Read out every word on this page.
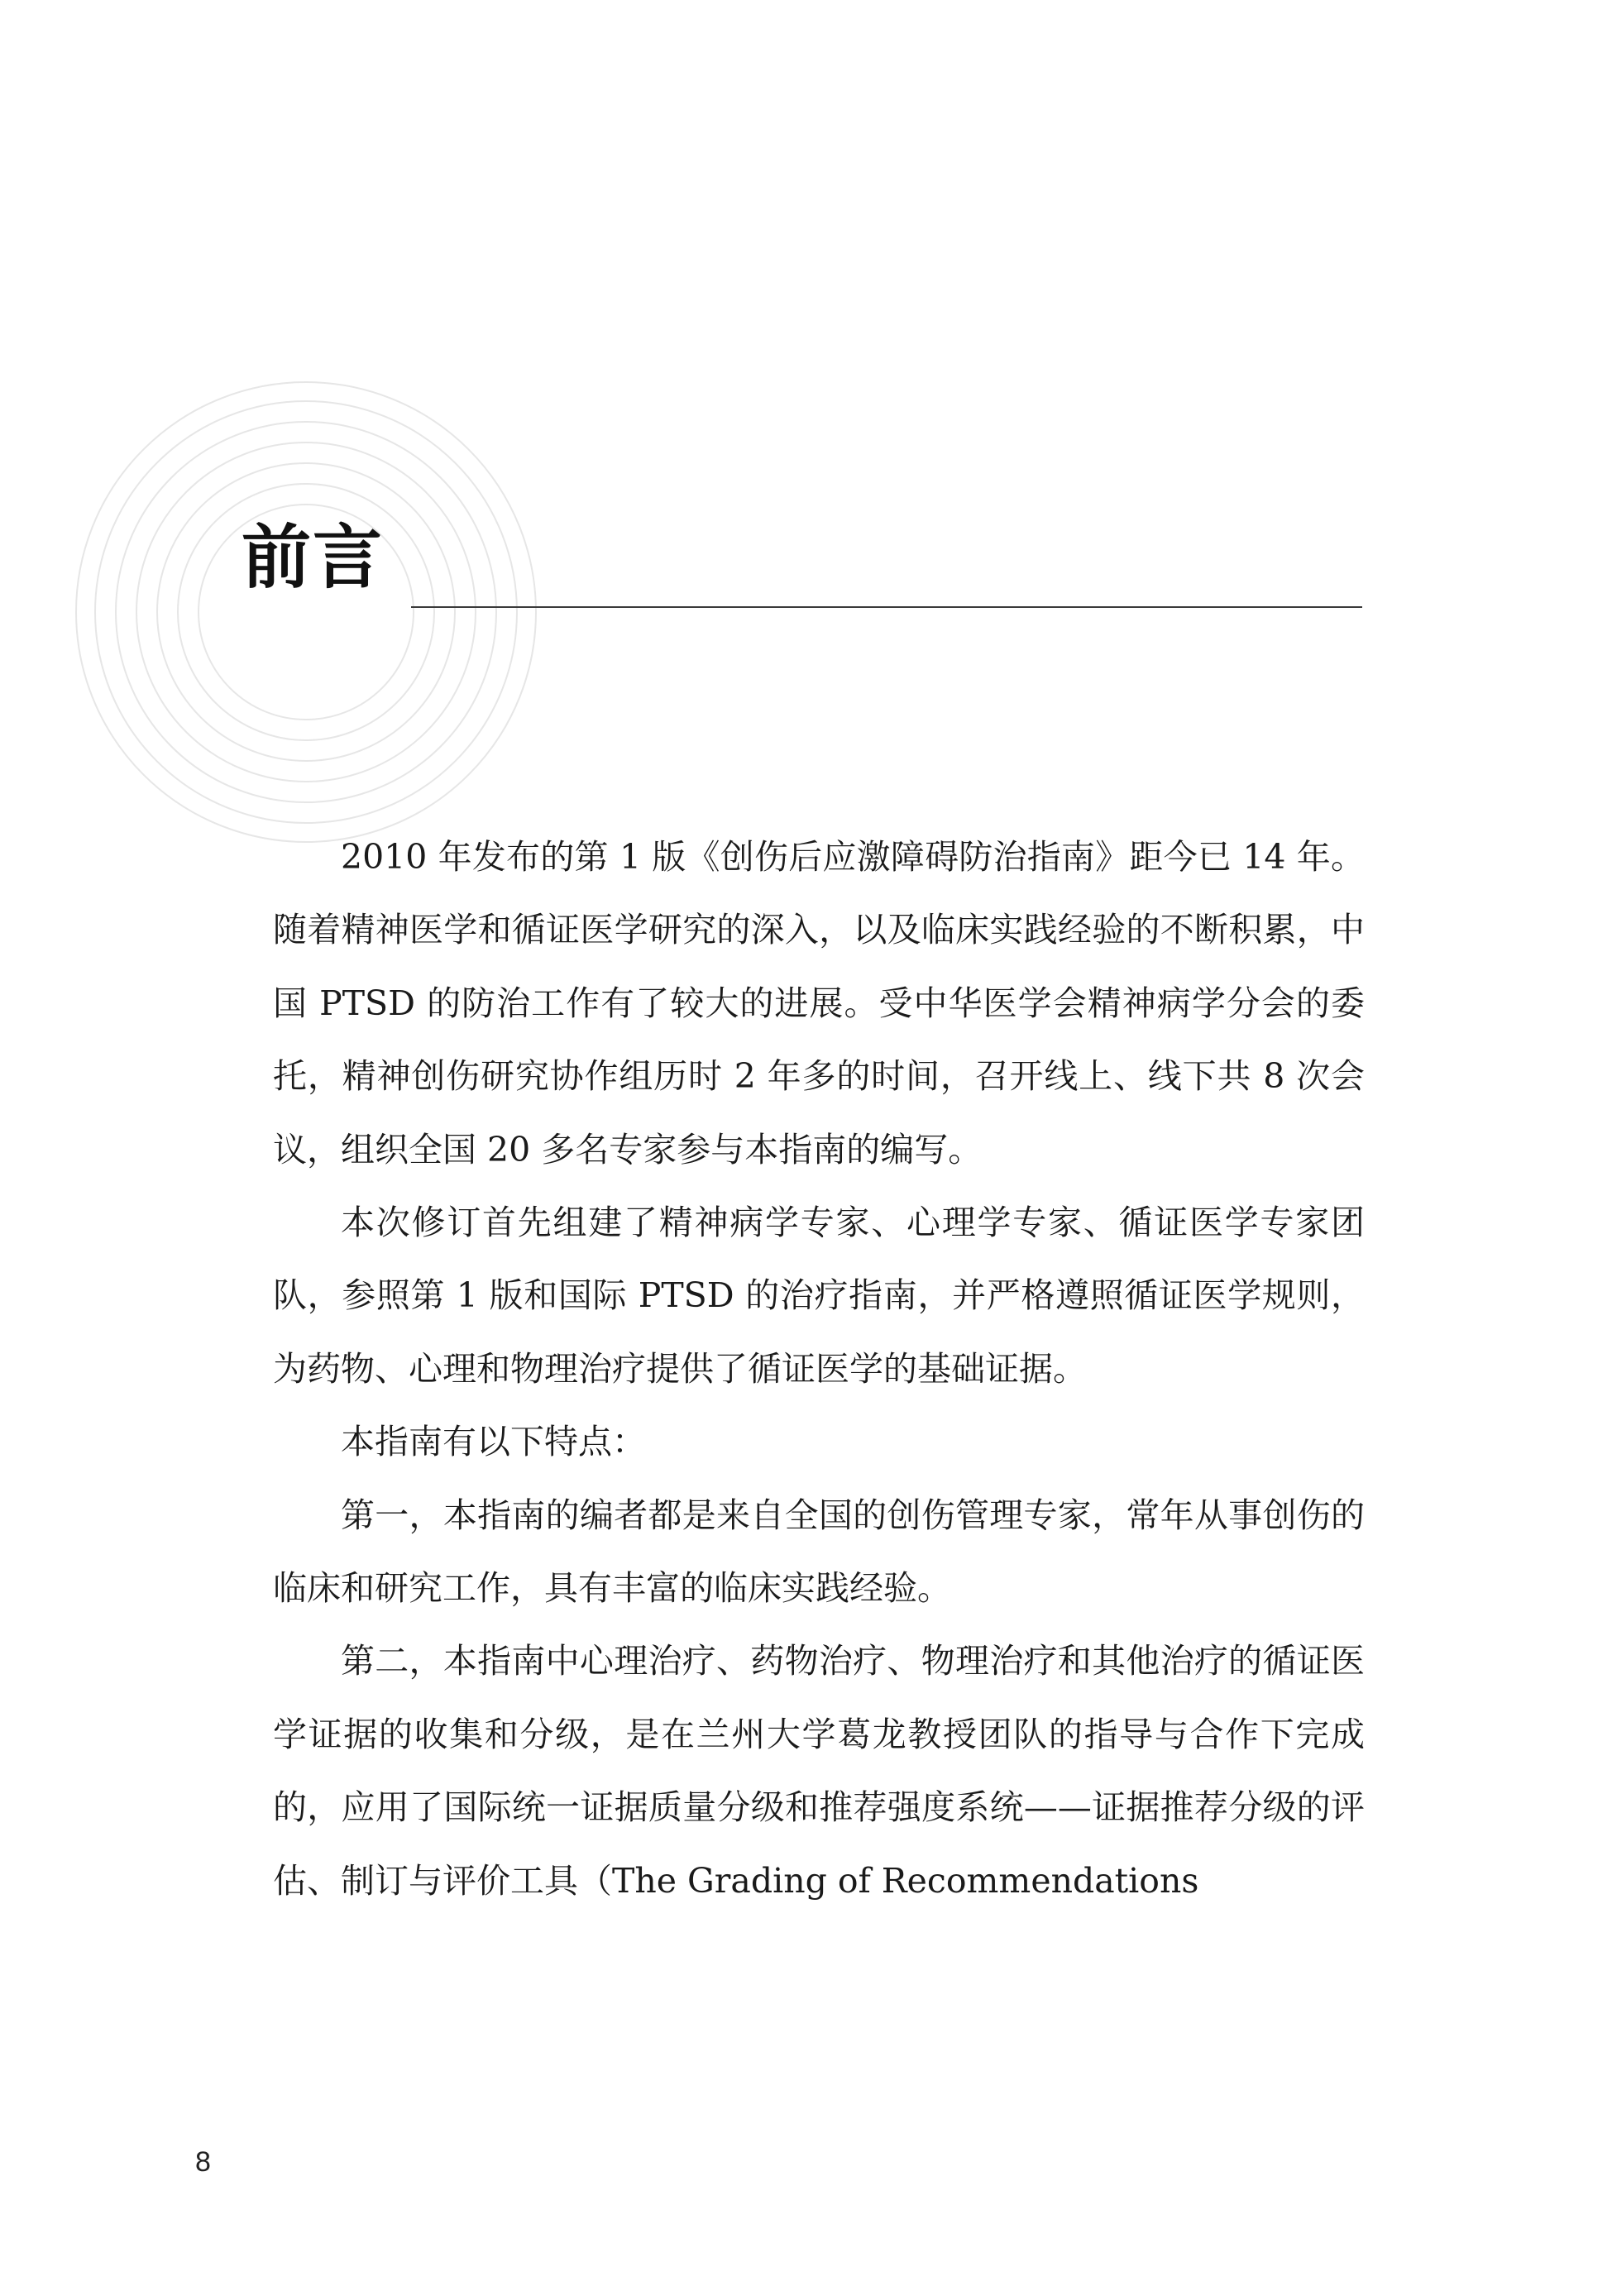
前言

2010 年发布的第 1 版《创伤后应激障碍防治指南》距今已 14 年。随着精神医学和循证医学研究的深入，以及临床实践经验的不断积累，中国 PTSD 的防治工作有了较大的进展。受中华医学会精神病学分会的委托，精神创伤研究协作组历时 2 年多的时间，召开线上、线下共 8 次会议，组织全国 20 多名专家参与本指南的编写。

本次修订首先组建了精神病学专家、心理学专家、循证医学专家团队，参照第 1 版和国际 PTSD 的治疗指南，并严格遵照循证医学规则，为药物、心理和物理治疗提供了循证医学的基础证据。

本指南有以下特点：

第一，本指南的编者都是来自全国的创伤管理专家，常年从事创伤的临床和研究工作，具有丰富的临床实践经验。

第二，本指南中心理治疗、药物治疗、物理治疗和其他治疗的循证医学证据的收集和分级，是在兰州大学葛龙教授团队的指导与合作下完成的，应用了国际统一证据质量分级和推荐强度系统——证据推荐分级的评估、制订与评价工具（The Grading of Recommendations

8
